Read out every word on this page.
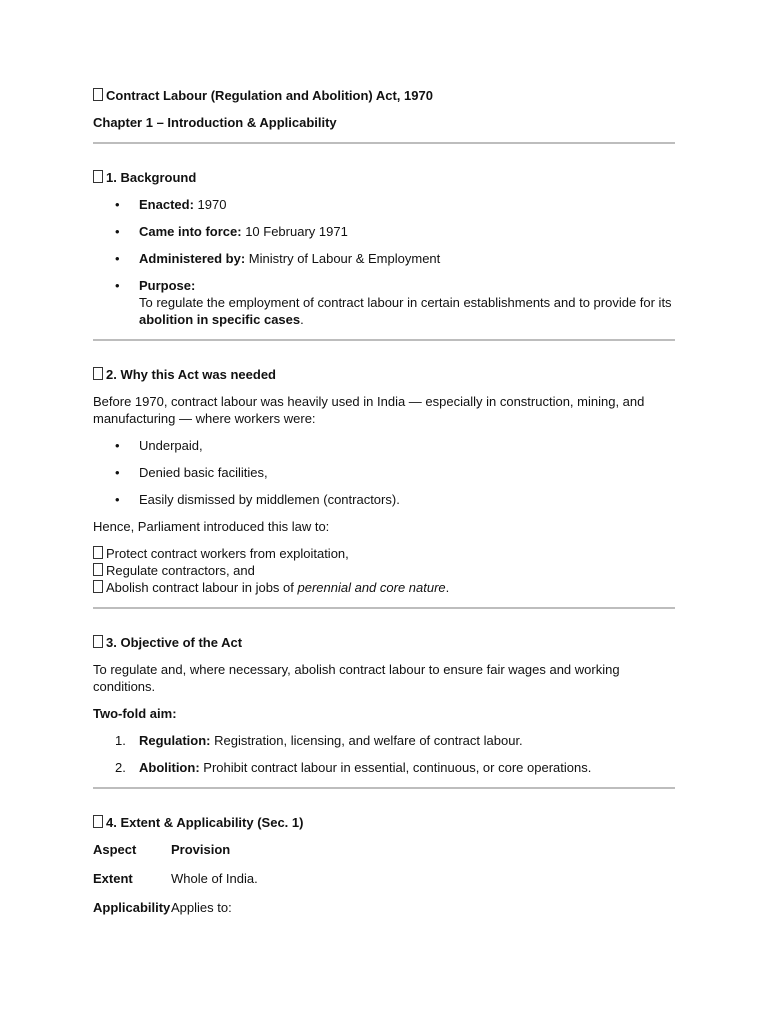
Contract Labour (Regulation and Abolition) Act, 1970

Chapter 1 – Introduction & Applicability

1. Background

• Enacted: 1970
• Came into force: 10 February 1971
• Administered by: Ministry of Labour & Employment
• Purpose:
To regulate the employment of contract labour in certain establishments and to provide for its abolition in specific cases.

2. Why this Act was needed

Before 1970, contract labour was heavily used in India — especially in construction, mining, and manufacturing — where workers were:

• Underpaid,
• Denied basic facilities,
• Easily dismissed by middlemen (contractors).

Hence, Parliament introduced this law to:

Protect contract workers from exploitation,

Regulate contractors, and

Abolish contract labour in jobs of perennial and core nature.

3. Objective of the Act

To regulate and, where necessary, abolish contract labour to ensure fair wages and working conditions.

Two-fold aim:

1. Regulation: Registration, licensing, and welfare of contract labour.
2. Abolition: Prohibit contract labour in essential, continuous, or core operations.

4. Extent & Applicability (Sec. 1)

Aspect	Provision
Extent	Whole of India.
Applicability	Applies to:
